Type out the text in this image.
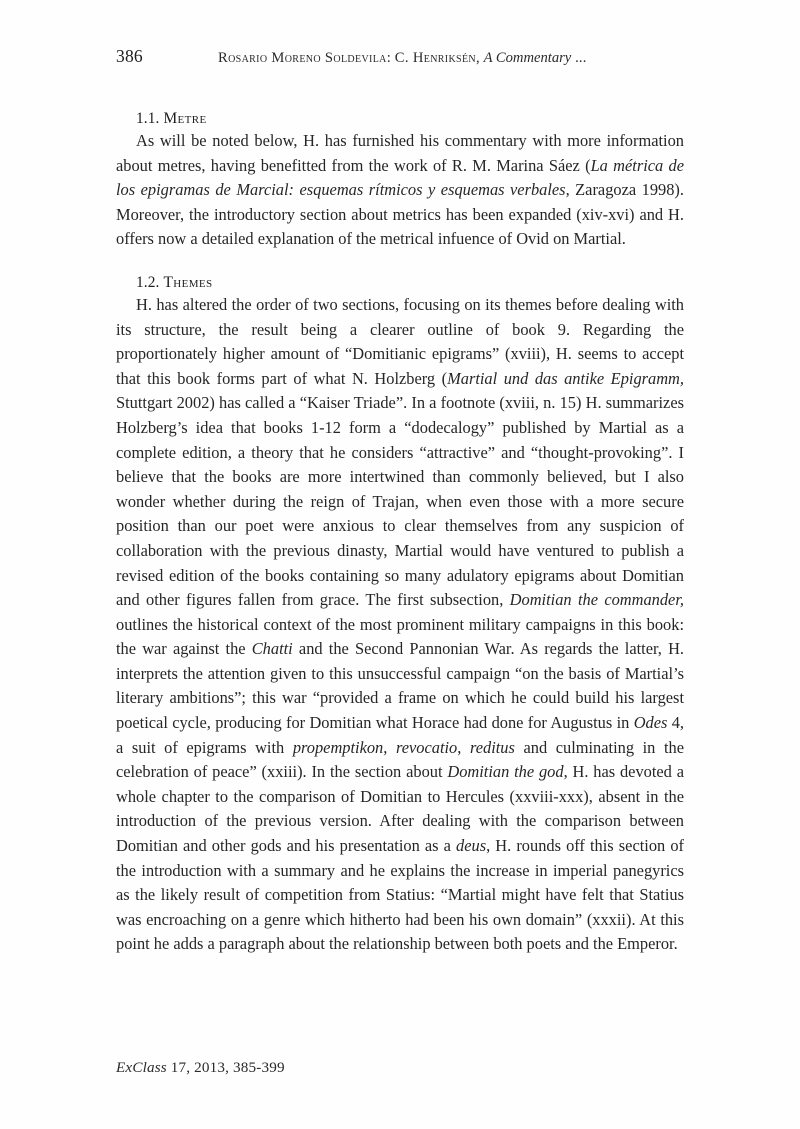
386	Rosario Moreno Soldevila: C. Henriksén, A Commentary ...
1.1. Metre

As will be noted below, H. has furnished his commentary with more information about metres, having benefitted from the work of R. M. Marina Sáez (La métrica de los epigramas de Marcial: esquemas rítmicos y esquemas verbales, Zaragoza 1998). Moreover, the introductory section about metrics has been expanded (xiv-xvi) and H. offers now a detailed explanation of the metrical infuence of Ovid on Martial.

1.2. Themes

H. has altered the order of two sections, focusing on its themes before dealing with its structure, the result being a clearer outline of book 9. Regarding the proportionately higher amount of “Domitianic epigrams” (xviii), H. seems to accept that this book forms part of what N. Holzberg (Martial und das antike Epigramm, Stuttgart 2002) has called a “Kaiser Triade”. In a footnote (xviii, n. 15) H. summarizes Holzberg’s idea that books 1-12 form a “dodecalogy” published by Martial as a complete edition, a theory that he considers “attractive” and “thought-provoking”. I believe that the books are more intertwined than commonly believed, but I also wonder whether during the reign of Trajan, when even those with a more secure position than our poet were anxious to clear themselves from any suspicion of collaboration with the previous dinasty, Martial would have ventured to publish a revised edition of the books containing so many adulatory epigrams about Domitian and other figures fallen from grace. The first subsection, Domitian the commander, outlines the historical context of the most prominent military campaigns in this book: the war against the Chatti and the Second Pannonian War. As regards the latter, H. interprets the attention given to this unsuccessful campaign “on the basis of Martial’s literary ambitions”; this war “provided a frame on which he could build his largest poetical cycle, producing for Domitian what Horace had done for Augustus in Odes 4, a suit of epigrams with propemptikon, revocatio, reditus and culminating in the celebration of peace” (xxiii). In the section about Domitian the god, H. has devoted a whole chapter to the comparison of Domitian to Hercules (xxviii-xxx), absent in the introduction of the previous version. After dealing with the comparison between Domitian and other gods and his presentation as a deus, H. rounds off this section of the introduction with a summary and he explains the increase in imperial panegyrics as the likely result of competition from Statius: “Martial might have felt that Statius was encroaching on a genre which hitherto had been his own domain” (xxxii). At this point he adds a paragraph about the relationship between both poets and the Emperor.

ExClass 17, 2013, 385-399
